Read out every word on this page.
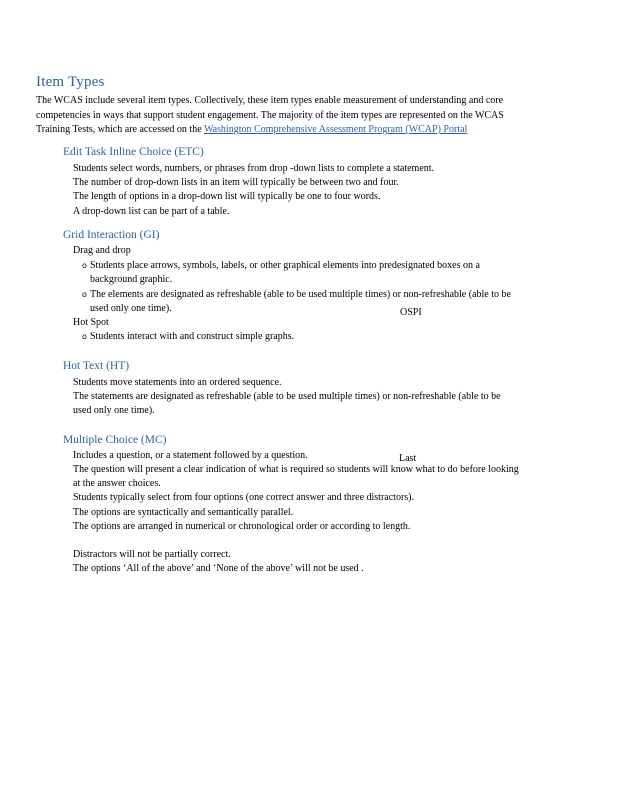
Item Types
The WCAS include several item types. Collectively, these item types enable measurement of understanding and core
competencies in ways that support student engagement. The majority of the item types are represented on the WCAS
Training Tests, which are accessed on the Washington Comprehensive Assessment Program (WCAP) Portal
Edit Task Inline Choice (ETC)
Students select words, numbers, or phrases from drop -down lists to complete a statement.
The number of drop-down lists in an item will typically be between two and four.
The length of options in a drop-down list will typically be one to four words.
A drop-down list can be part of a table.
Grid Interaction (GI)
Drag and drop
o Students place arrows, symbols, labels, or other graphical elements into predesignated boxes on a
background graphic.
o The elements are designated as refreshable (able to be used multiple times) or non-refreshable (able to be
used only one time).
Hot Spot
o Students interact with and construct simple graphs.
Hot Text (HT)
Students move statements into an ordered sequence.
The statements are designated as refreshable (able to be used multiple times) or non-refreshable (able to be
used only one time).
Multiple Choice (MC)
Includes a question, or a statement followed by a question.
The question will present a clear indication of what is required so students will know what to do before looking
at the answer choices.
Students typically select from four options (one correct answer and three distractors).
The options are syntactically and semantically parallel.
The options are arranged in numerical or chronological order or according to length.
Distractors will not be partially correct.
The options ‘All of the above’ and ‘None of the above’ will not be used .
OSPI
Last
